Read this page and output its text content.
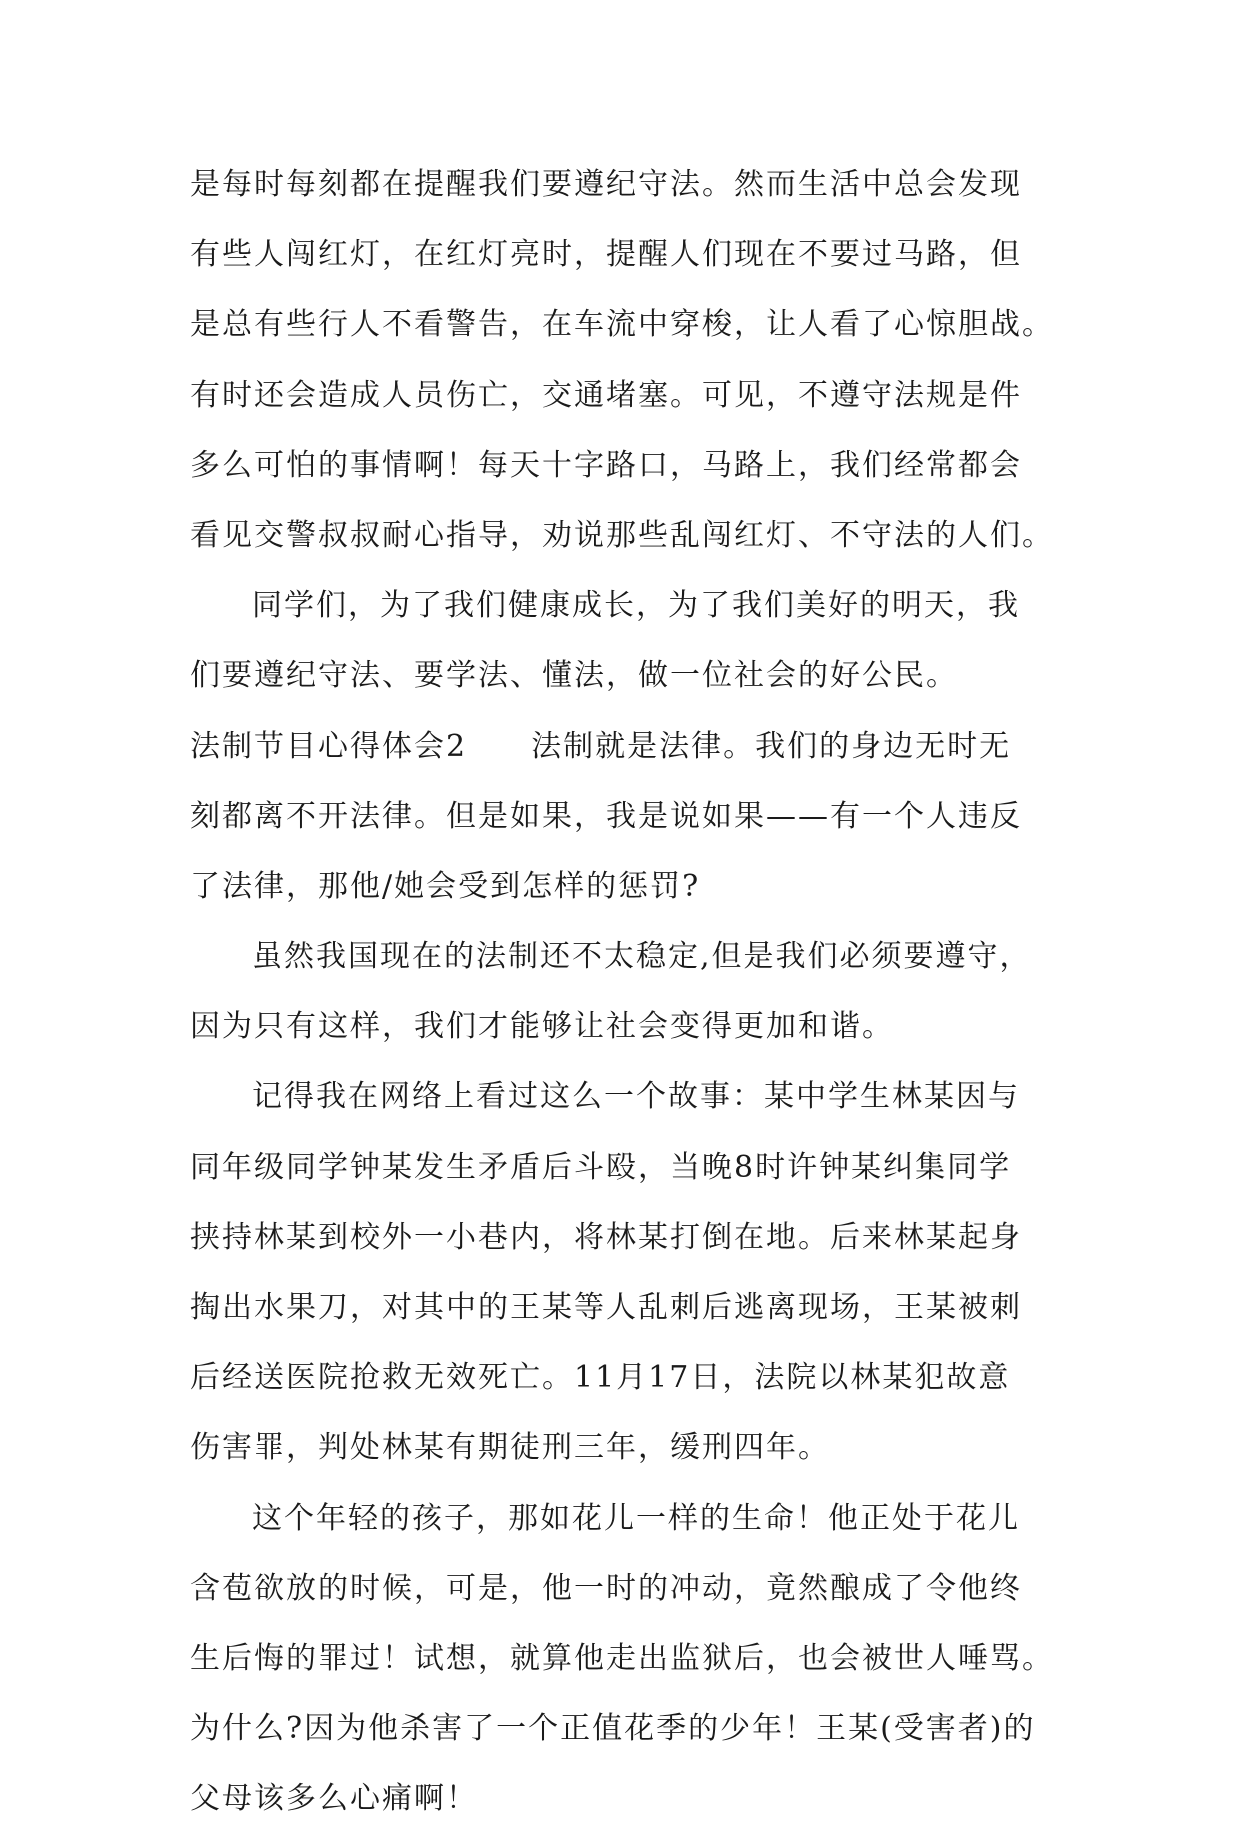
是每时每刻都在提醒我们要遵纪守法。然而生活中总会发现
有些人闯红灯，在红灯亮时，提醒人们现在不要过马路，但
是总有些行人不看警告，在车流中穿梭，让人看了心惊胆战。
有时还会造成人员伤亡，交通堵塞。可见，不遵守法规是件
多么可怕的事情啊！每天十字路口，马路上，我们经常都会
看见交警叔叔耐心指导，劝说那些乱闯红灯、不守法的人们。
同学们，为了我们健康成长，为了我们美好的明天，我
们要遵纪守法、要学法、懂法，做一位社会的好公民。
法制节目心得体会2　　法制就是法律。我们的身边无时无
刻都离不开法律。但是如果，我是说如果——有一个人违反
了法律，那他/她会受到怎样的惩罚?
虽然我国现在的法制还不太稳定,但是我们必须要遵守，
因为只有这样，我们才能够让社会变得更加和谐。
记得我在网络上看过这么一个故事：某中学生林某因与
同年级同学钟某发生矛盾后斗殴，当晚8时许钟某纠集同学
挟持林某到校外一小巷内，将林某打倒在地。后来林某起身
掏出水果刀，对其中的王某等人乱刺后逃离现场，王某被刺
后经送医院抢救无效死亡。11月17日，法院以林某犯故意
伤害罪，判处林某有期徒刑三年，缓刑四年。
这个年轻的孩子，那如花儿一样的生命！他正处于花儿
含苞欲放的时候，可是，他一时的冲动，竟然酿成了令他终
生后悔的罪过！试想，就算他走出监狱后，也会被世人唾骂。
为什么?因为他杀害了一个正值花季的少年！王某(受害者)的
父母该多么心痛啊！
